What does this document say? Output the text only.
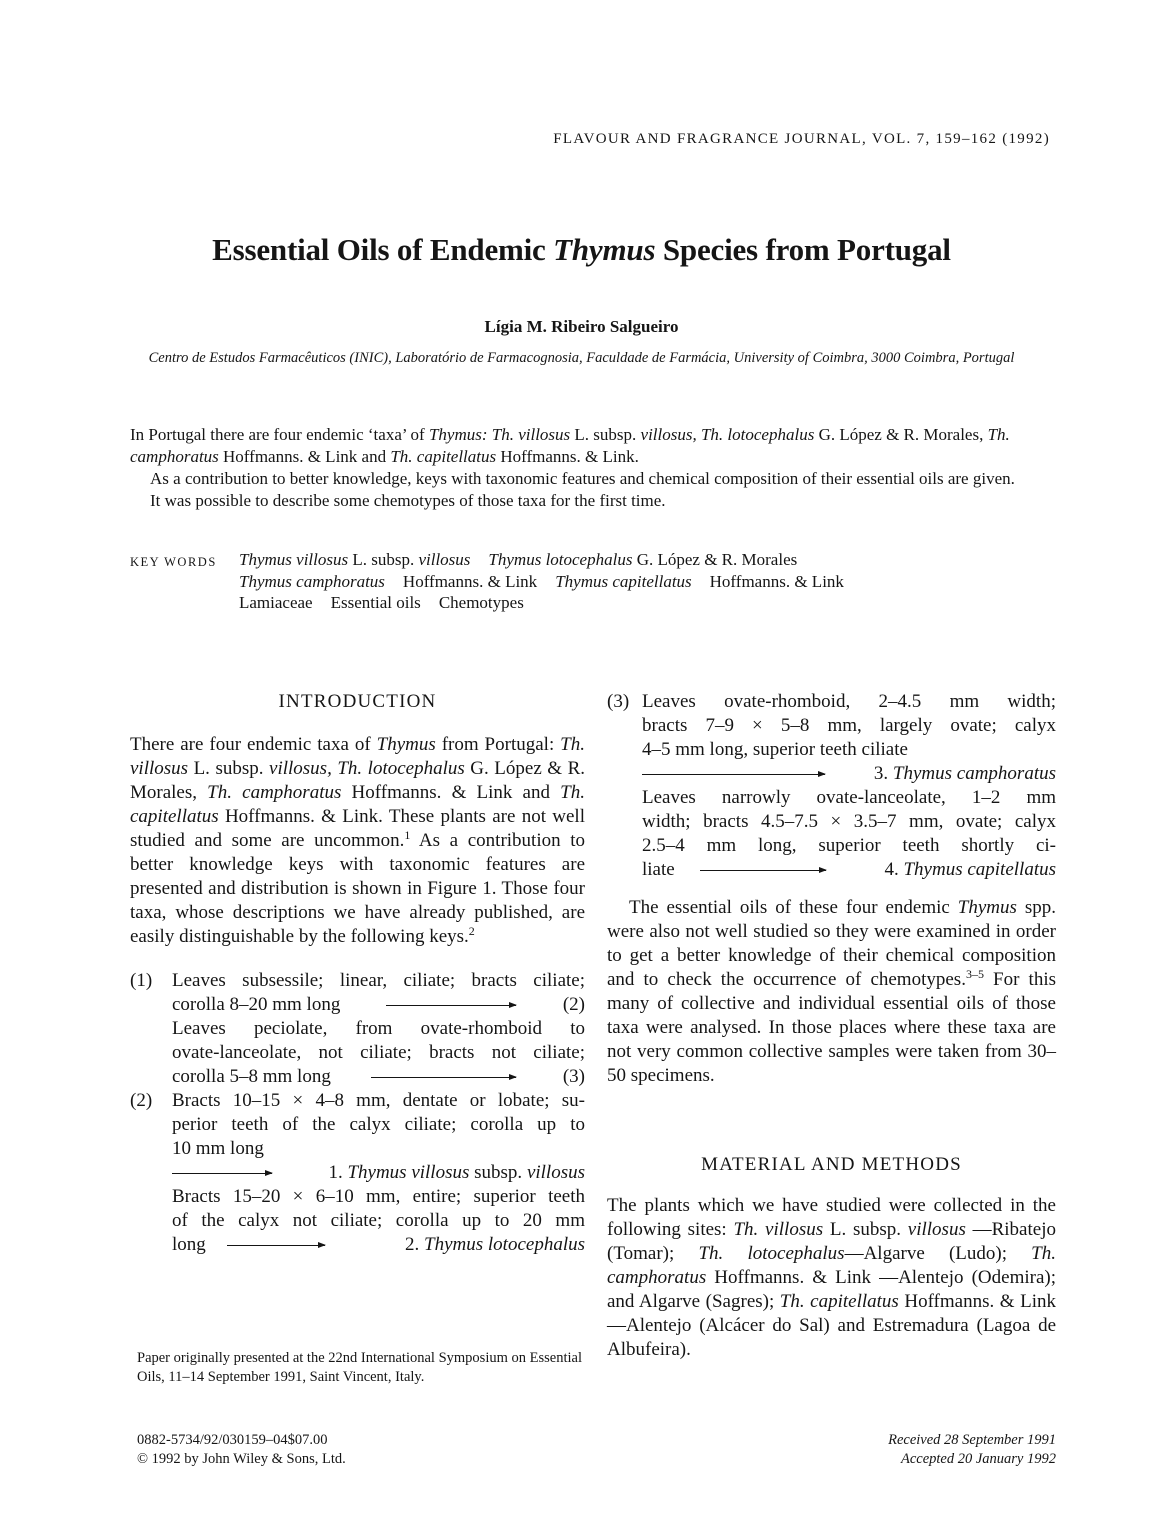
FLAVOUR AND FRAGRANCE JOURNAL, VOL. 7, 159–162 (1992)
Essential Oils of Endemic Thymus Species from Portugal
Lígia M. Ribeiro Salgueiro
Centro de Estudos Farmacêuticos (INIC), Laboratório de Farmacognosia, Faculdade de Farmácia, University of Coimbra, 3000 Coimbra, Portugal

In Portugal there are four endemic ‘taxa’ of Thymus: Th. villosus L. subsp. villosus, Th. lotocephalus G. López & R. Morales, Th. camphoratus Hoffmanns. & Link and Th. capitellatus Hoffmanns. & Link.

As a contribution to better knowledge, keys with taxonomic features and chemical composition of their essential oils are given.

It was possible to describe some chemotypes of those taxa for the first time.

KEY WORDS Thymus villosus L. subsp. villosus Thymus lotocephalus G. López & R. Morales
Thymus camphoratus Hoffmanns. & Link Thymus capitellatus Hoffmanns. & Link
Lamiaceae Essential oils Chemotypes
INTRODUCTION

There are four endemic taxa of Thymus from Portugal: Th. villosus L. subsp. villosus, Th. lotocephalus G. López & R. Morales, Th. camphoratus Hoffmanns. & Link and Th. capitellatus Hoffmanns. & Link. These plants are not well studied and some are uncommon.$^1$ As a contribution to better knowledge keys with taxonomic features are presented and distribution is shown in Figure 1. Those four taxa, whose descriptions we have already published, are easily distinguishable by the following keys.$^2$

(1) Leaves subsessile; linear, ciliate; bracts ciliate;
corolla 8–20 mm long	(2)
Leaves peciolate, from ovate-rhomboid to
ovate-lanceolate, not ciliate; bracts not ciliate;
corolla 5–8 mm long	(3)
(2) Bracts 10–15 × 4–8 mm, dentate or lobate; su-
perior teeth of the calyx ciliate; corolla up to
10 mm long
1. Thymus villosus subsp. villosus
Bracts 15–20 × 6–10 mm, entire; superior teeth
of the calyx not ciliate; corolla up to 20 mm
long	2. Thymus lotocephalus
(3) Leaves ovate-rhomboid, 2–4.5 mm width;
bracts 7–9 × 5–8 mm, largely ovate; calyx
4–5 mm long, superior teeth ciliate
3. Thymus camphoratus
Leaves narrowly ovate-lanceolate, 1–2 mm
width; bracts 4.5–7.5 × 3.5–7 mm, ovate; calyx
2.5–4 mm long, superior teeth shortly ci-
liate	4. Thymus capitellatus

The essential oils of these four endemic Thymus spp. were also not well studied so they were examined in order to get a better knowledge of their chemical composition and to check the occurrence of chemotypes.$^{3-5}$ For this many of collective and individual essential oils of those taxa were analysed. In those places where these taxa are not very common collective samples were taken from 30–50 specimens.

MATERIAL AND METHODS

The plants which we have studied were collected in the following sites: Th. villosus L. subsp. villosus —Ribatejo (Tomar); Th. lotocephalus—Algarve (Ludo); Th. camphoratus Hoffmanns. & Link —Alentejo (Odemira); and Algarve (Sagres); Th. capitellatus Hoffmanns. & Link—Alentejo (Alcácer do Sal) and Estremadura (Lagoa de Albufeira).

Paper originally presented at the 22nd International Symposium on Essential Oils, 11–14 September 1991, Saint Vincent, Italy.
0882-5734/92/030159–04$07.00
© 1992 by John Wiley & Sons, Ltd.
Received 28 September 1991
Accepted 20 January 1992
